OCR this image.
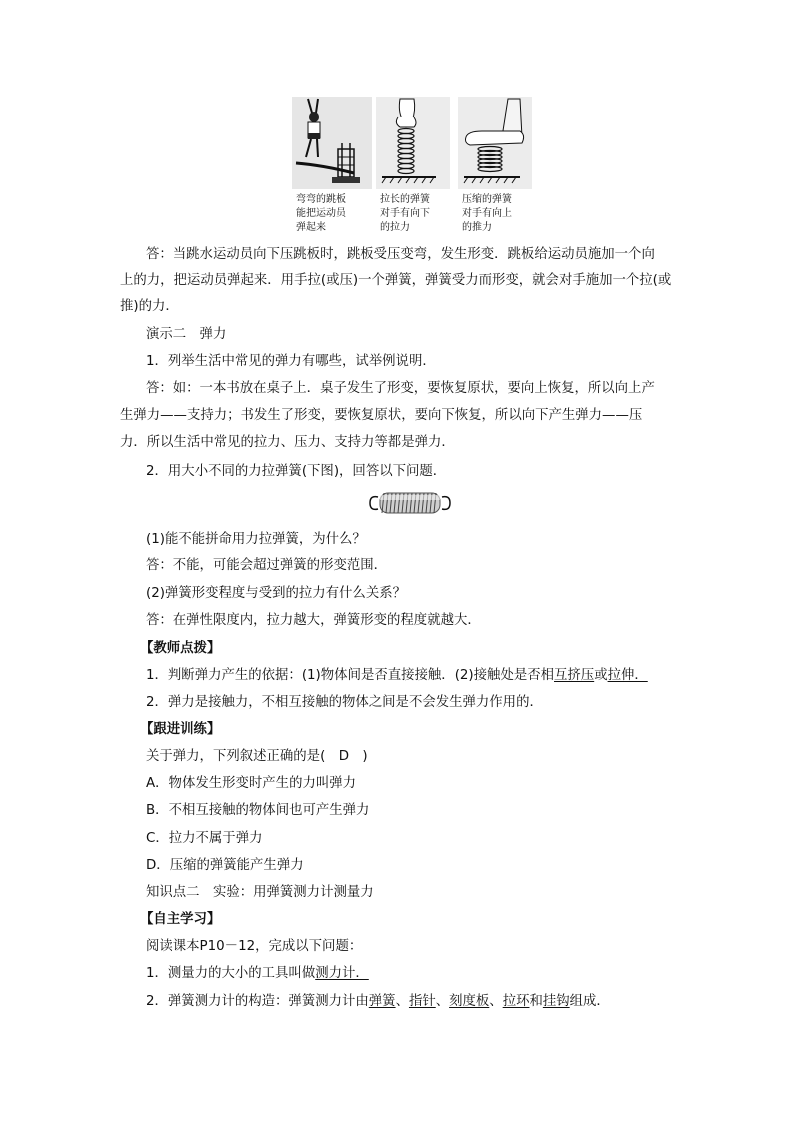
弯弯的跳板
能把运动员
弹起来
拉长的弹簧
对手有向下
的拉力
压缩的弹簧
对手有向上
的推力
答：当跳水运动员向下压跳板时，跳板受压变弯，发生形变．跳板给运动员施加一个向
上的力，把运动员弹起来．用手拉(或压)一个弹簧，弹簧受力而形变，就会对手施加一个拉(或
推)的力．
演示二　弹力
1．列举生活中常见的弹力有哪些，试举例说明．
答：如：一本书放在桌子上．桌子发生了形变，要恢复原状，要向上恢复，所以向上产
生弹力——支持力；书发生了形变，要恢复原状，要向下恢复，所以向下产生弹力——压
力．所以生活中常见的拉力、压力、支持力等都是弹力．
2．用大小不同的力拉弹簧(下图)，回答以下问题．
(1)能不能拼命用力拉弹簧，为什么？
答：不能，可能会超过弹簧的形变范围．
(2)弹簧形变程度与受到的拉力有什么关系？
答：在弹性限度内，拉力越大，弹簧形变的程度就越大．
【教师点拨】
1．判断弹力产生的依据：(1)物体间是否直接接触．(2)接触处是否相互挤压或拉伸．
2．弹力是接触力，不相互接触的物体之间是不会发生弹力作用的．
【跟进训练】
关于弹力，下列叙述正确的是(　D　)
A．物体发生形变时产生的力叫弹力
B．不相互接触的物体间也可产生弹力
C．拉力不属于弹力
D．压缩的弹簧能产生弹力
知识点二　实验：用弹簧测力计测量力
【自主学习】
阅读课本P10－12，完成以下问题：
1．测量力的大小的工具叫做测力计．
2．弹簧测力计的构造：弹簧测力计由弹簧、指针、刻度板、拉环和挂钩组成．
